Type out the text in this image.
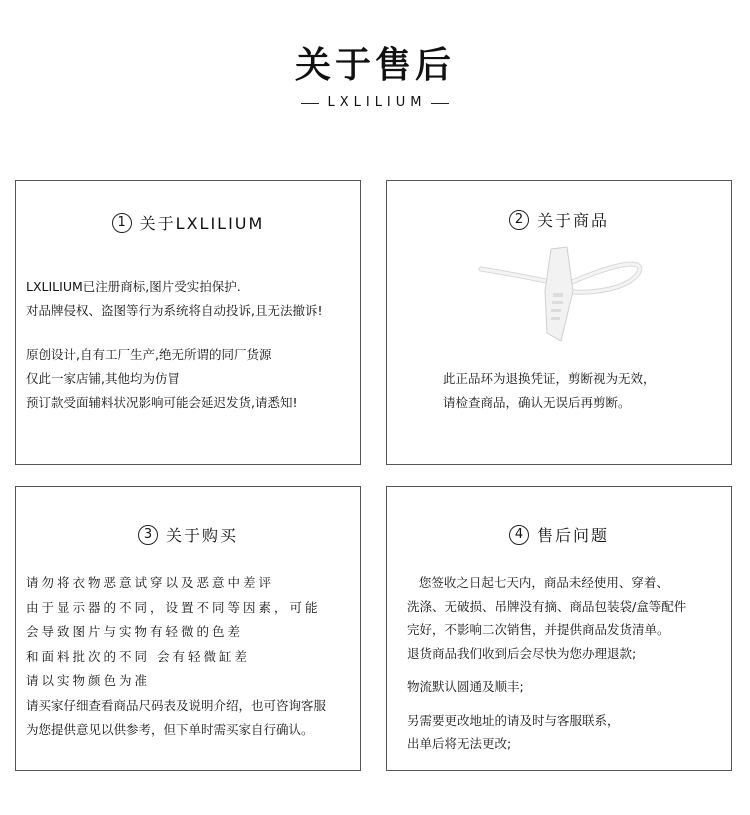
关于售后
LXLILIUM
1 关于LXLILIUM
LXLILIUM已注册商标,图片受实拍保护.
对品牌侵权、盗图等行为系统将自动投诉,且无法撤诉!
原创设计,自有工厂生产,绝无所谓的同厂货源
仅此一家店铺,其他均为仿冒
预订款受面辅料状况影响可能会延迟发货,请悉知!
2 关于商品
此正品环为退换凭证，剪断视为无效，
请检查商品，确认无误后再剪断。
3 关于购买
请勿将衣物恶意试穿以及恶意中差评
由于显示器的不同，设置不同等因素，可能
会导致图片与实物有轻微的色差
和面料批次的不同 会有轻微缸差
请以实物颜色为准
请买家仔细查看商品尺码表及说明介绍，也可咨询客服
为您提供意见以供参考，但下单时需买家自行确认。
4 售后问题
您签收之日起七天内，商品未经使用、穿着、
洗涤、无破损、吊牌没有摘、商品包装袋/盒等配件
完好，不影响二次销售，并提供商品发货清单。
退货商品我们收到后会尽快为您办理退款;
物流默认圆通及顺丰;
另需要更改地址的请及时与客服联系，
出单后将无法更改;
